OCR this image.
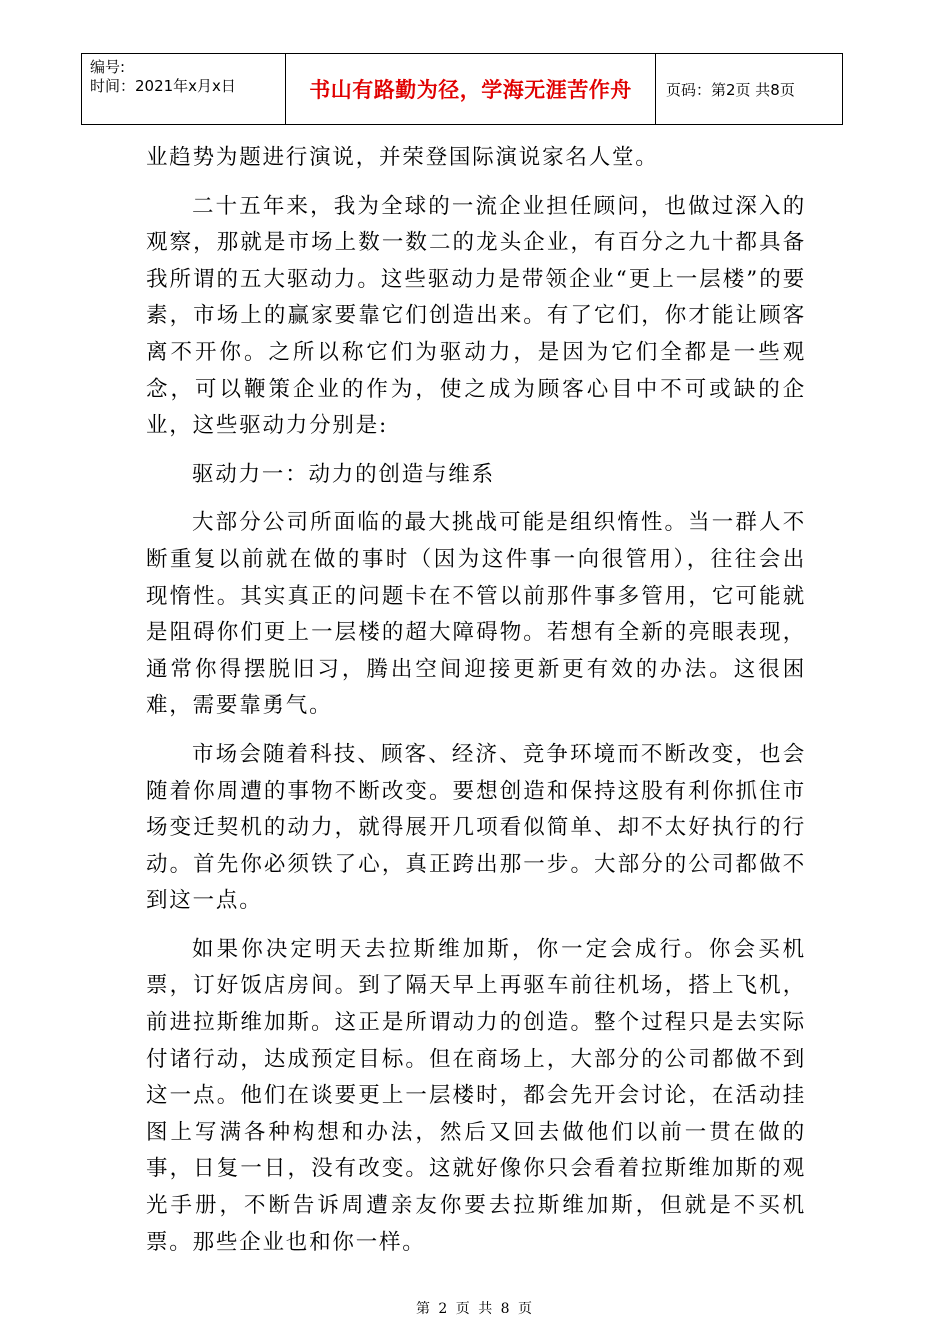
编号:
时间：2021年x月x日	书山有路勤为径，学海无涯苦作舟	页码：第2页 共8页

业趋势为题进行演说，并荣登国际演说家名人堂。

二十五年来，我为全球的一流企业担任顾问，也做过深入的观察，那就是市场上数一数二的龙头企业，有百分之九十都具备我所谓的五大驱动力。这些驱动力是带领企业“更上一层楼”的要素，市场上的赢家要靠它们创造出来。有了它们，你才能让顾客离不开你。之所以称它们为驱动力，是因为它们全都是一些观念，可以鞭策企业的作为，使之成为顾客心目中不可或缺的企业，这些驱动力分别是:

驱动力一：动力的创造与维系

大部分公司所面临的最大挑战可能是组织惰性。当一群人不断重复以前就在做的事时（因为这件事一向很管用），往往会出现惰性。其实真正的问题卡在不管以前那件事多管用，它可能就是阻碍你们更上一层楼的超大障碍物。若想有全新的亮眼表现，通常你得摆脱旧习，腾出空间迎接更新更有效的办法。这很困难，需要靠勇气。

市场会随着科技、顾客、经济、竞争环境而不断改变，也会随着你周遭的事物不断改变。要想创造和保持这股有利你抓住市场变迁契机的动力，就得展开几项看似简单、却不太好执行的行动。首先你必须铁了心，真正跨出那一步。大部分的公司都做不到这一点。

如果你决定明天去拉斯维加斯，你一定会成行。你会买机票，订好饭店房间。到了隔天早上再驱车前往机场，搭上飞机，前进拉斯维加斯。这正是所谓动力的创造。整个过程只是去实际付诸行动，达成预定目标。但在商场上，大部分的公司都做不到这一点。他们在谈要更上一层楼时，都会先开会讨论，在活动挂图上写满各种构想和办法，然后又回去做他们以前一贯在做的事，日复一日，没有改变。这就好像你只会看着拉斯维加斯的观光手册，不断告诉周遭亲友你要去拉斯维加斯，但就是不买机票。那些企业也和你一样。

第 2 页 共 8 页
